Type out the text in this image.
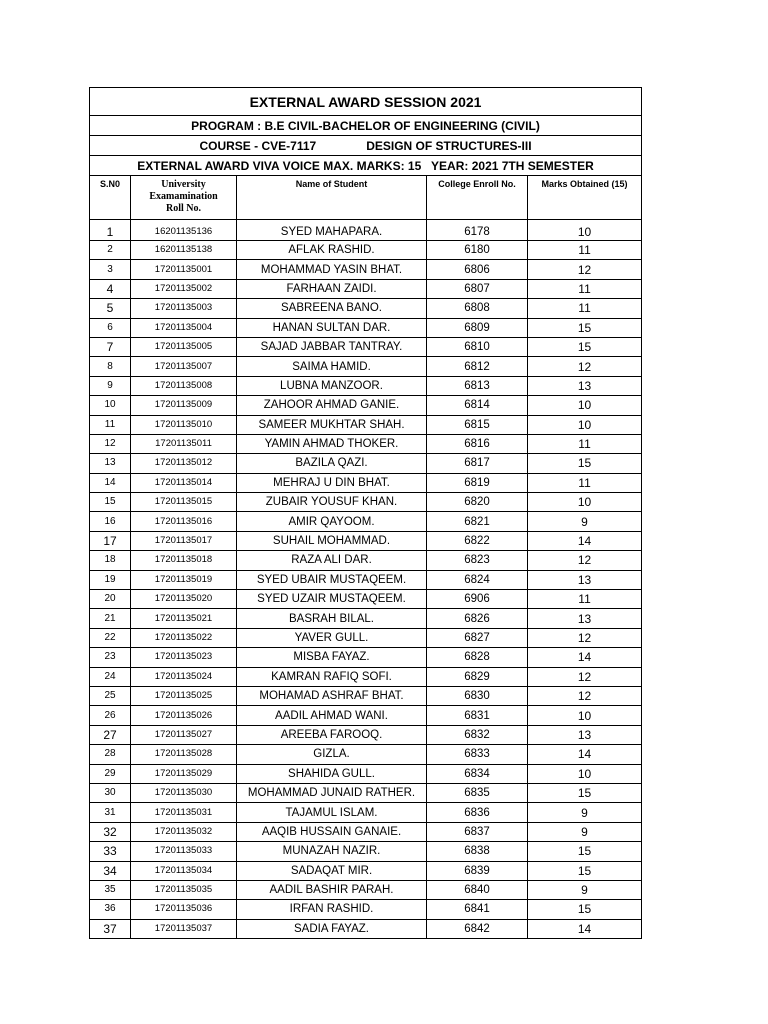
EXTERNAL AWARD SESSION 2021				
PROGRAM : B.E CIVIL-BACHELOR OF ENGINEERING (CIVIL)				
COURSE - CVE-7117 DESIGN OF STRUCTURES-III				
EXTERNAL AWARD VIVA VOICE MAX. MARKS: 15   YEAR: 2021 7TH SEMESTER				

S.N0	University
Examamination
Roll No.	Name of Student	College Enroll No.	Marks Obtained (15)

1	16201135136	SYED MAHAPARA.	6178	10
2	16201135138	AFLAK RASHID.	6180	11
3	17201135001	MOHAMMAD YASIN BHAT.	6806	12
4	17201135002	FARHAAN ZAIDI.	6807	11
5	17201135003	SABREENA BANO.	6808	11
6	17201135004	HANAN SULTAN DAR.	6809	15
7	17201135005	SAJAD JABBAR TANTRAY.	6810	15
8	17201135007	SAIMA HAMID.	6812	12
9	17201135008	LUBNA MANZOOR.	6813	13
10	17201135009	ZAHOOR AHMAD GANIE.	6814	10
11	17201135010	SAMEER MUKHTAR SHAH.	6815	10
12	17201135011	YAMIN AHMAD THOKER.	6816	11
13	17201135012	BAZILA QAZI.	6817	15
14	17201135014	MEHRAJ U DIN BHAT.	6819	11
15	17201135015	ZUBAIR YOUSUF KHAN.	6820	10
16	17201135016	AMIR QAYOOM.	6821	9
17	17201135017	SUHAIL MOHAMMAD.	6822	14
18	17201135018	RAZA ALI DAR.	6823	12
19	17201135019	SYED UBAIR MUSTAQEEM.	6824	13
20	17201135020	SYED UZAIR MUSTAQEEM.	6906	11
21	17201135021	BASRAH BILAL.	6826	13
22	17201135022	YAVER GULL.	6827	12
23	17201135023	MISBA FAYAZ.	6828	14
24	17201135024	KAMRAN RAFIQ SOFI.	6829	12
25	17201135025	MOHAMAD ASHRAF BHAT.	6830	12
26	17201135026	AADIL AHMAD WANI.	6831	10
27	17201135027	AREEBA FAROOQ.	6832	13
28	17201135028	GIZLA.	6833	14
29	17201135029	SHAHIDA GULL.	6834	10
30	17201135030	MOHAMMAD JUNAID RATHER.	6835	15
31	17201135031	TAJAMUL ISLAM.	6836	9
32	17201135032	AAQIB HUSSAIN GANAIE.	6837	9
33	17201135033	MUNAZAH NAZIR.	6838	15
34	17201135034	SADAQAT MIR.	6839	15
35	17201135035	AADIL BASHIR PARAH.	6840	9
36	17201135036	IRFAN RASHID.	6841	15
37	17201135037	SADIA FAYAZ.	6842	14
